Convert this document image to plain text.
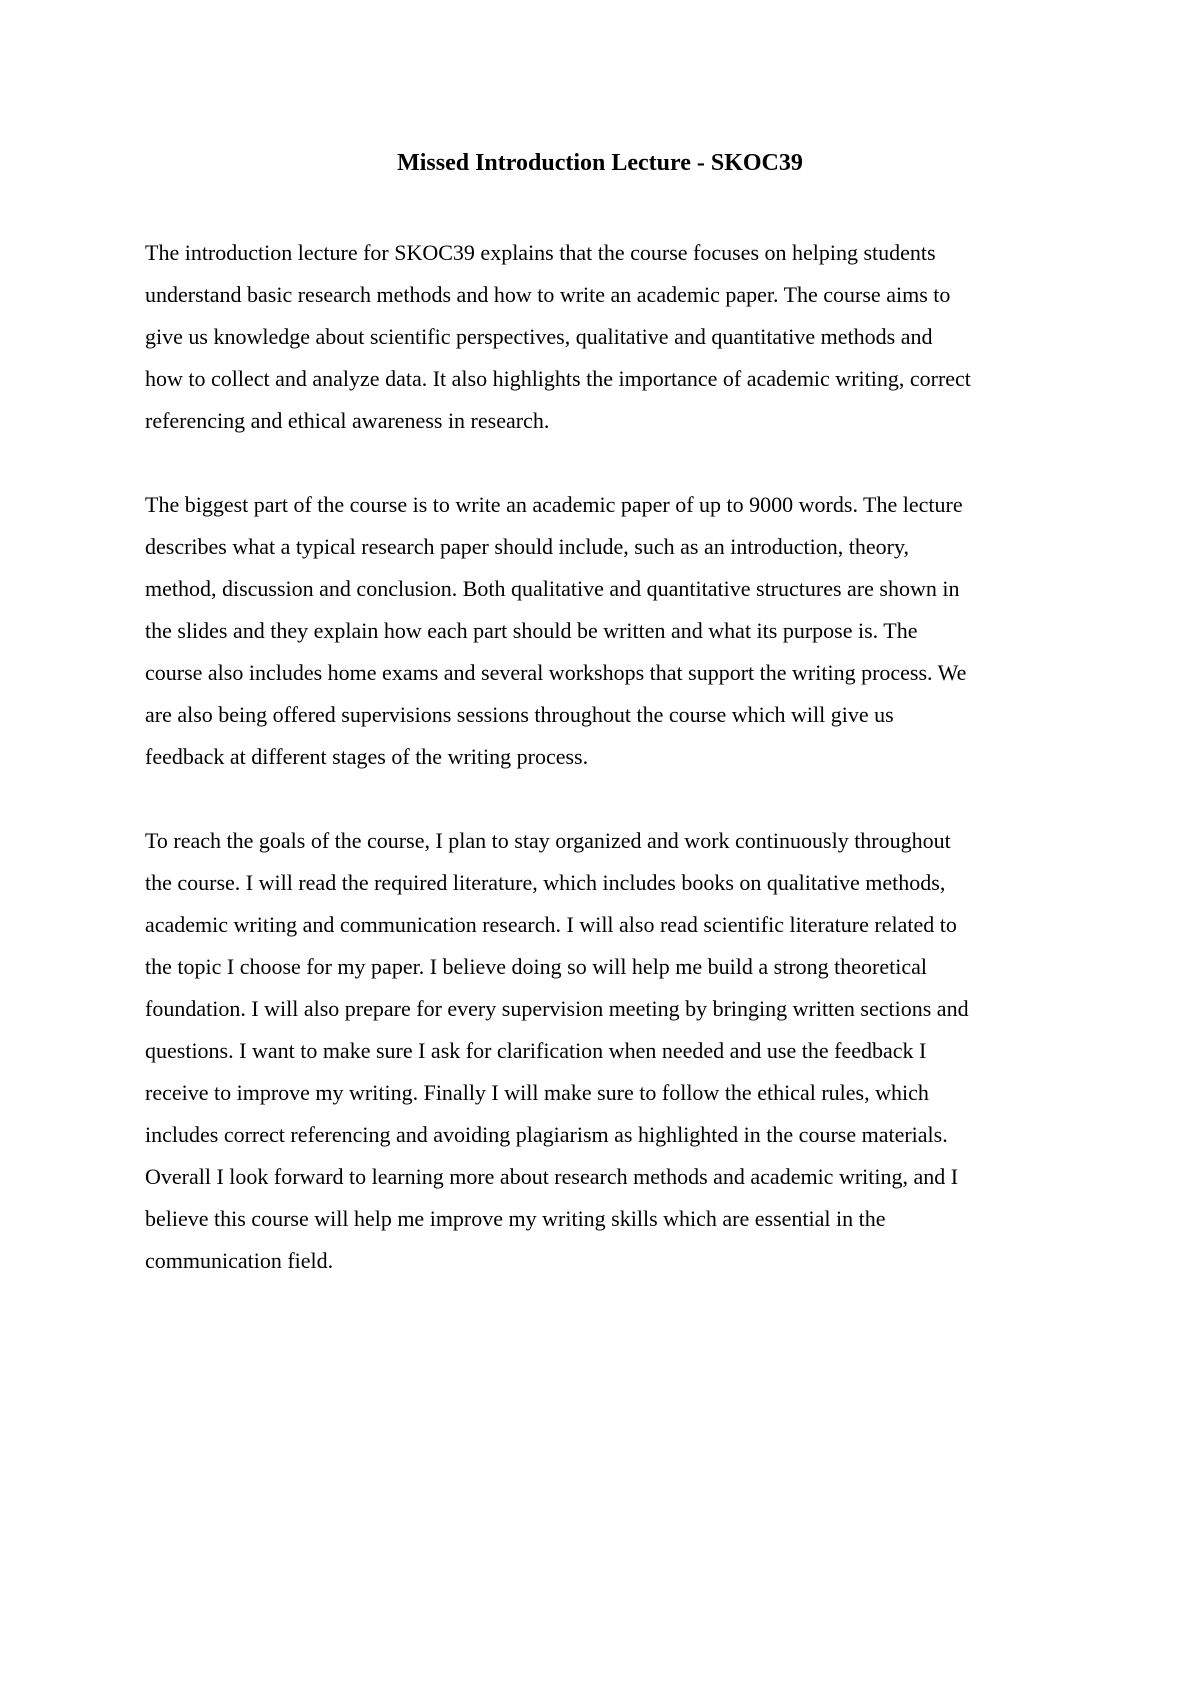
Missed Introduction Lecture - SKOC39

The introduction lecture for SKOC39 explains that the course focuses on helping students
understand basic research methods and how to write an academic paper. The course aims to
give us knowledge about scientific perspectives, qualitative and quantitative methods and
how to collect and analyze data. It also highlights the importance of academic writing, correct
referencing and ethical awareness in research.

The biggest part of the course is to write an academic paper of up to 9000 words. The lecture
describes what a typical research paper should include, such as an introduction, theory,
method, discussion and conclusion. Both qualitative and quantitative structures are shown in
the slides and they explain how each part should be written and what its purpose is. The
course also includes home exams and several workshops that support the writing process. We
are also being offered supervisions sessions throughout the course which will give us
feedback at different stages of the writing process.

To reach the goals of the course, I plan to stay organized and work continuously throughout
the course. I will read the required literature, which includes books on qualitative methods,
academic writing and communication research. I will also read scientific literature related to
the topic I choose for my paper. I believe doing so will help me build a strong theoretical
foundation. I will also prepare for every supervision meeting by bringing written sections and
questions. I want to make sure I ask for clarification when needed and use the feedback I
receive to improve my writing. Finally I will make sure to follow the ethical rules, which
includes correct referencing and avoiding plagiarism as highlighted in the course materials.
Overall I look forward to learning more about research methods and academic writing, and I
believe this course will help me improve my writing skills which are essential in the
communication field.
